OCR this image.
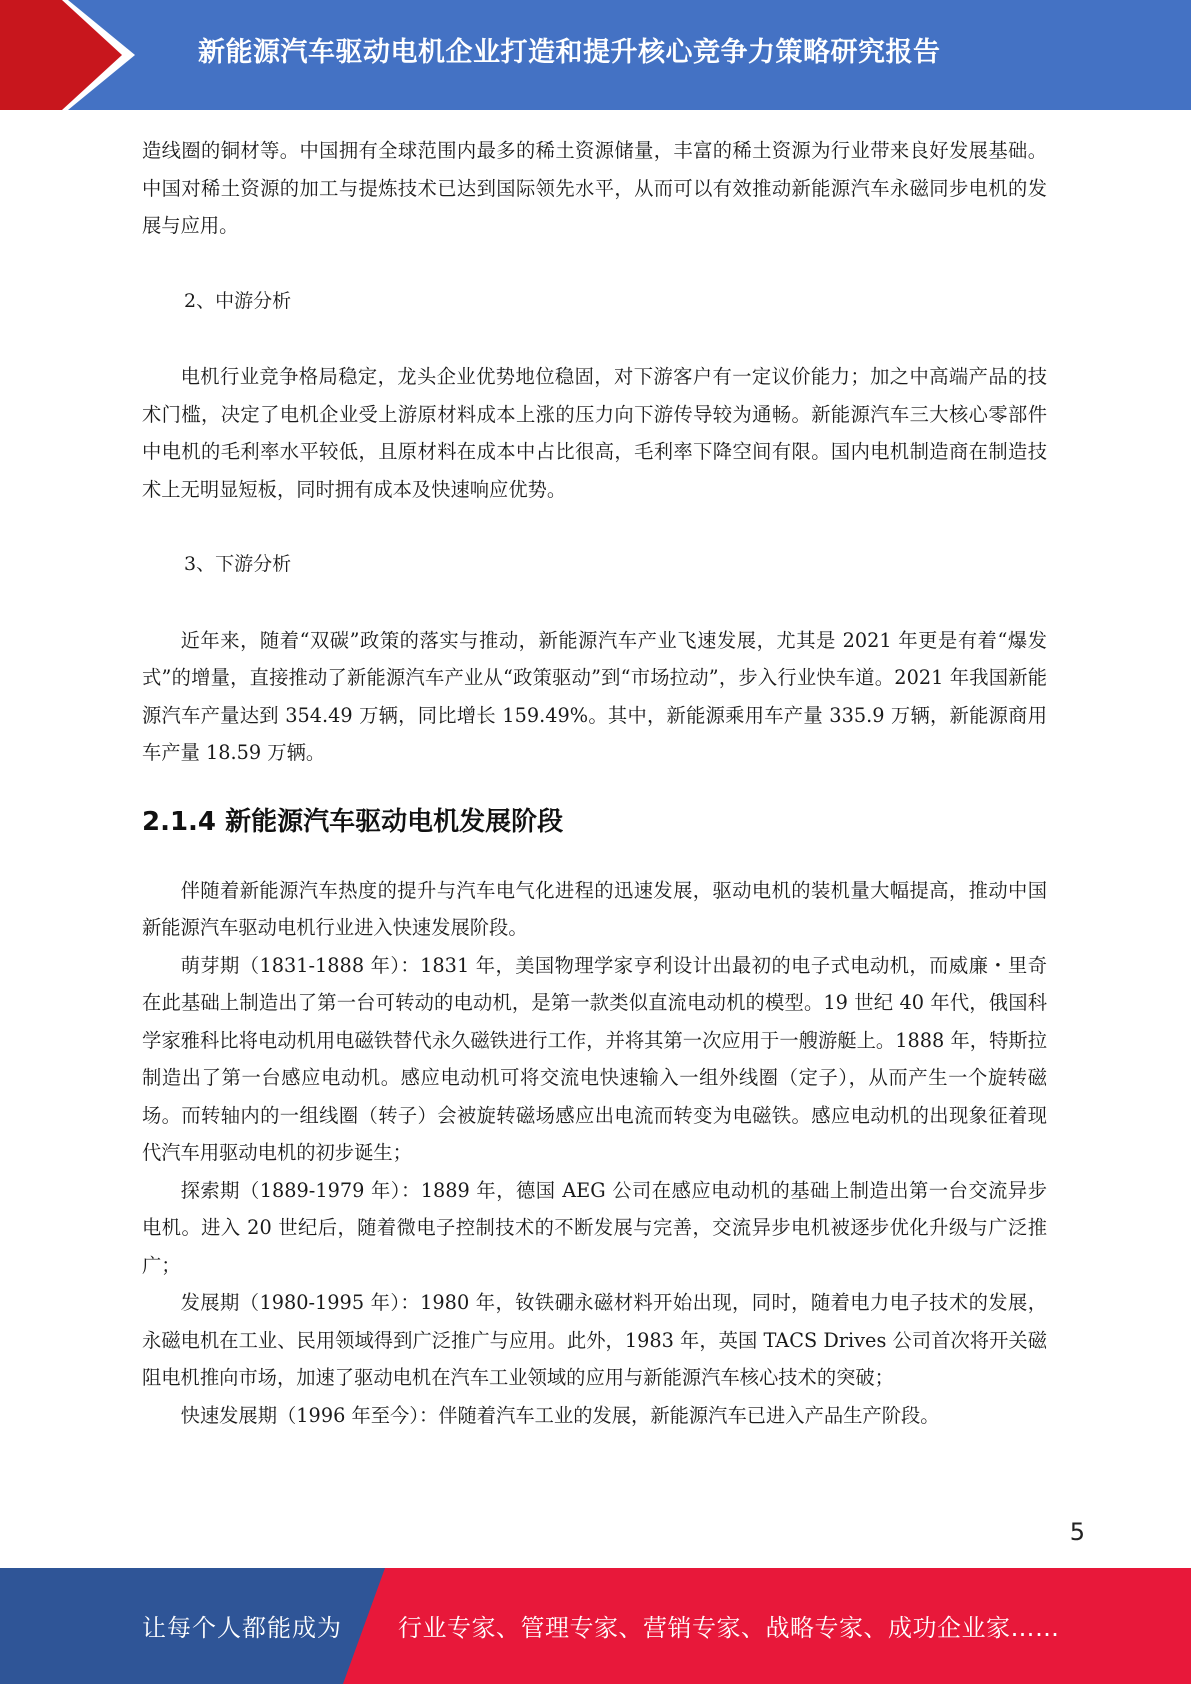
新能源汽车驱动电机企业打造和提升核心竞争力策略研究报告

造线圈的铜材等。中国拥有全球范围内最多的稀土资源储量，丰富的稀土资源为行业带来良好发展基础。中国对稀土资源的加工与提炼技术已达到国际领先水平，从而可以有效推动新能源汽车永磁同步电机的发展与应用。

2、中游分析

电机行业竞争格局稳定，龙头企业优势地位稳固，对下游客户有一定议价能力；加之中高端产品的技术门槛，决定了电机企业受上游原材料成本上涨的压力向下游传导较为通畅。新能源汽车三大核心零部件中电机的毛利率水平较低，且原材料在成本中占比很高，毛利率下降空间有限。国内电机制造商在制造技术上无明显短板，同时拥有成本及快速响应优势。

3、下游分析

近年来，随着“双碳”政策的落实与推动，新能源汽车产业飞速发展，尤其是 2021 年更是有着“爆发式”的增量，直接推动了新能源汽车产业从“政策驱动”到“市场拉动”，步入行业快车道。2021 年我国新能源汽车产量达到 354.49 万辆，同比增长 159.49%。其中，新能源乘用车产量 335.9 万辆，新能源商用车产量 18.59 万辆。

2.1.4 新能源汽车驱动电机发展阶段

伴随着新能源汽车热度的提升与汽车电气化进程的迅速发展，驱动电机的装机量大幅提高，推动中国新能源汽车驱动电机行业进入快速发展阶段。

萌芽期（1831-1888 年）：1831 年，美国物理学家亨利设计出最初的电子式电动机，而威廉・里奇在此基础上制造出了第一台可转动的电动机，是第一款类似直流电动机的模型。19 世纪 40 年代，俄国科学家雅科比将电动机用电磁铁替代永久磁铁进行工作，并将其第一次应用于一艘游艇上。1888 年，特斯拉制造出了第一台感应电动机。感应电动机可将交流电快速输入一组外线圈（定子），从而产生一个旋转磁场。而转轴内的一组线圈（转子）会被旋转磁场感应出电流而转变为电磁铁。感应电动机的出现象征着现代汽车用驱动电机的初步诞生；

探索期（1889-1979 年）：1889 年，德国 AEG 公司在感应电动机的基础上制造出第一台交流异步电机。进入 20 世纪后，随着微电子控制技术的不断发展与完善，交流异步电机被逐步优化升级与广泛推广；

发展期（1980-1995 年）：1980 年，钕铁硼永磁材料开始出现，同时，随着电力电子技术的发展，永磁电机在工业、民用领域得到广泛推广与应用。此外，1983 年，英国 TACS Drives 公司首次将开关磁阻电机推向市场，加速了驱动电机在汽车工业领域的应用与新能源汽车核心技术的突破；

快速发展期（1996 年至今）：伴随着汽车工业的发展，新能源汽车已进入产品生产阶段。

5
让每个人都能成为 行业专家、管理专家、营销专家、战略专家、成功企业家……
